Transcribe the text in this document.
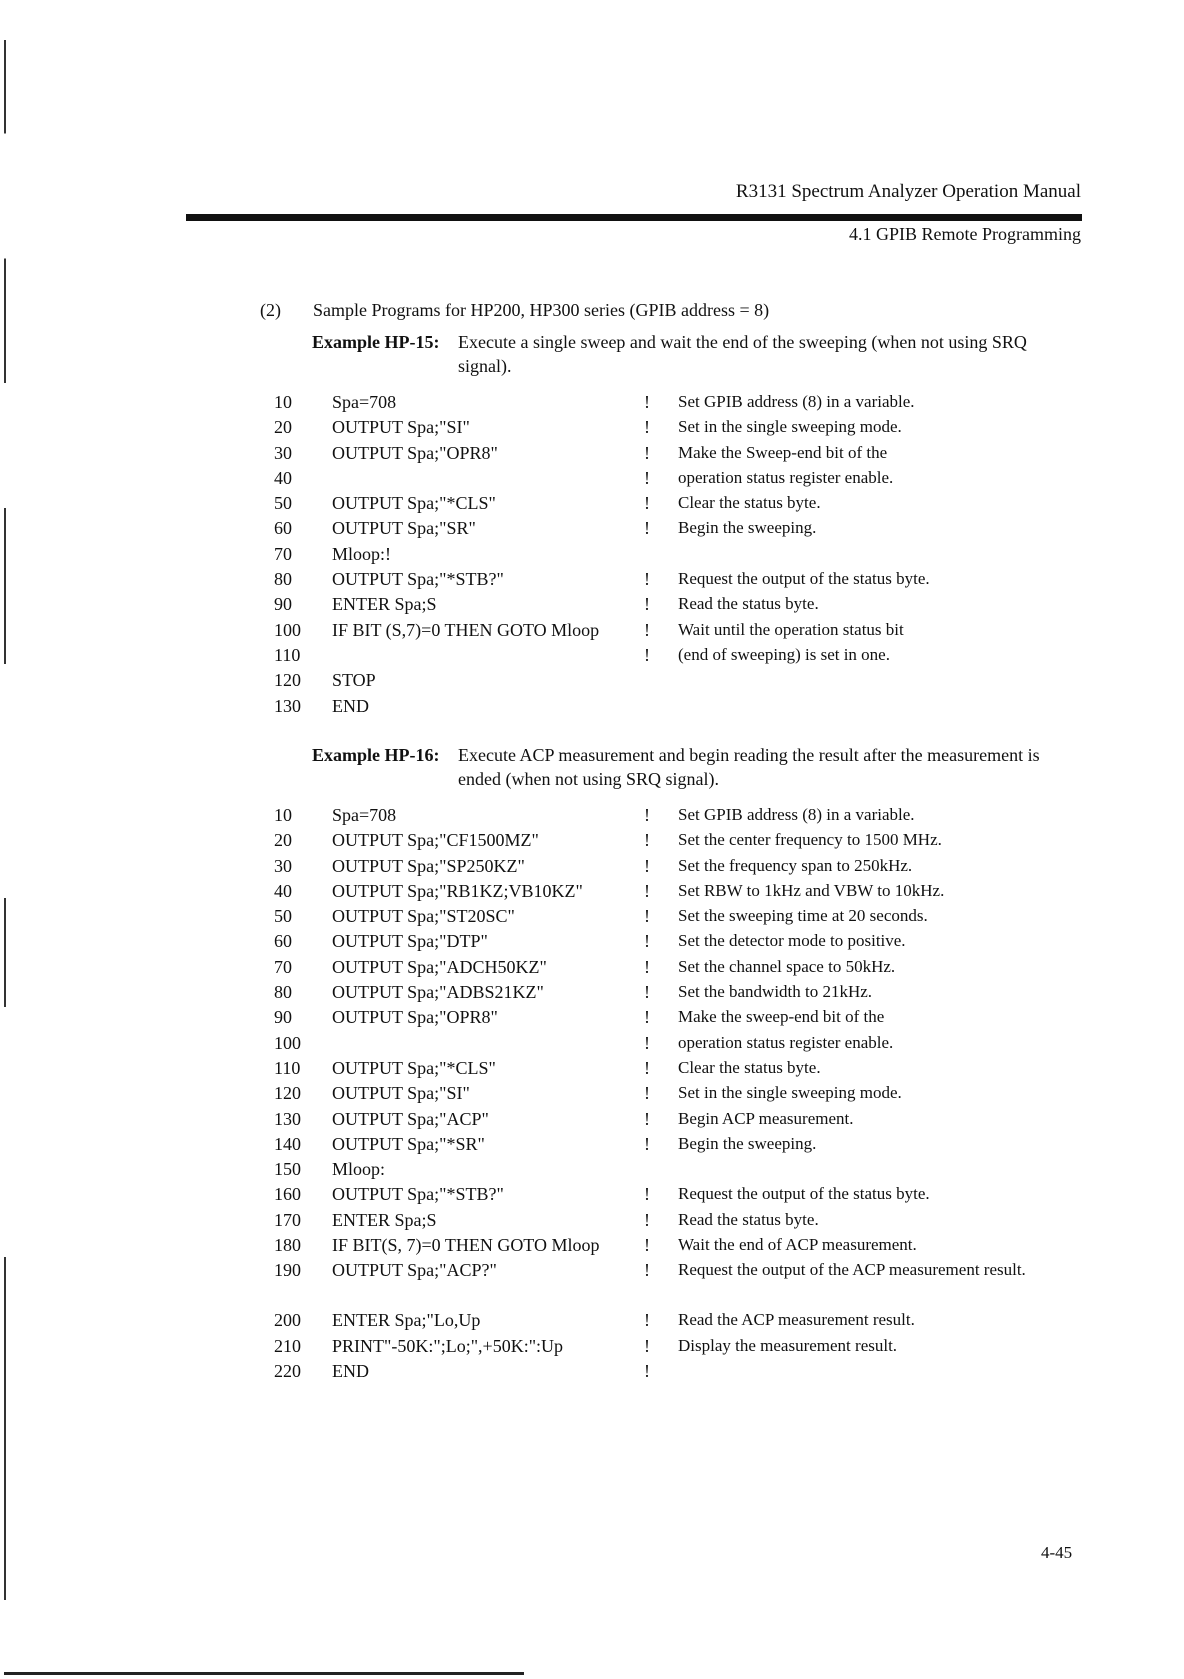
R3131 Spectrum Analyzer Operation Manual
4.1 GPIB Remote Programming
(2) Sample Programs for HP200, HP300 series (GPIB address = 8)
Example HP-15:	Execute a single sweep and wait the end of the sweeping (when not using SRQ signal).
10	Spa=708	! Set GPIB address (8) in a variable.
20	OUTPUT Spa;"SI"	! Set in the single sweeping mode.
30	OUTPUT Spa;"OPR8"	! Make the Sweep-end bit of the
40	! operation status register enable.
50	OUTPUT Spa;"*CLS"	! Clear the status byte.
60	OUTPUT Spa;"SR"	! Begin the sweeping.
70	Mloop:!
80	OUTPUT Spa;"*STB?"	! Request the output of the status byte.
90	ENTER Spa;S	! Read the status byte.
100	IF BIT (S,7)=0 THEN GOTO Mloop ! Wait until the operation status bit
110	! (end of sweeping) is set in one.
120	STOP
130	END
Example HP-16:	Execute ACP measurement and begin reading the result after the measurement is ended (when not using SRQ signal).
10	Spa=708	! Set GPIB address (8) in a variable.
20	OUTPUT Spa;"CF1500MZ"	! Set the center frequency to 1500 MHz.
30	OUTPUT Spa;"SP250KZ"	! Set the frequency span to 250kHz.
40	OUTPUT Spa;"RB1KZ;VB10KZ"	! Set RBW to 1kHz and VBW to 10kHz.
50	OUTPUT Spa;"ST20SC"	! Set the sweeping time at 20 seconds.
60	OUTPUT Spa;"DTP"	! Set the detector mode to positive.
70	OUTPUT Spa;"ADCH50KZ"	! Set the channel space to 50kHz.
80	OUTPUT Spa;"ADBS21KZ"	! Set the bandwidth to 21kHz.
90	OUTPUT Spa;"OPR8"	! Make the sweep-end bit of the
100	! operation status register enable.
110	OUTPUT Spa;"*CLS"	! Clear the status byte.
120	OUTPUT Spa;"SI"	! Set in the single sweeping mode.
130	OUTPUT Spa;"ACP"	! Begin ACP measurement.
140	OUTPUT Spa;"*SR"	! Begin the sweeping.
150	Mloop:
160	OUTPUT Spa;"*STB?"	! Request the output of the status byte.
170	ENTER Spa;S	! Read the status byte.
180	IF BIT(S, 7)=0 THEN GOTO Mloop ! Wait the end of ACP measurement.
190	OUTPUT Spa;"ACP?"	! Request the output of the ACP measurement result.
200	ENTER Spa;"Lo,Up	! Read the ACP measurement result.
210	PRINT"-50K:";Lo;",+50K:":Up	! Display the measurement result.
220	END	!
4-45
